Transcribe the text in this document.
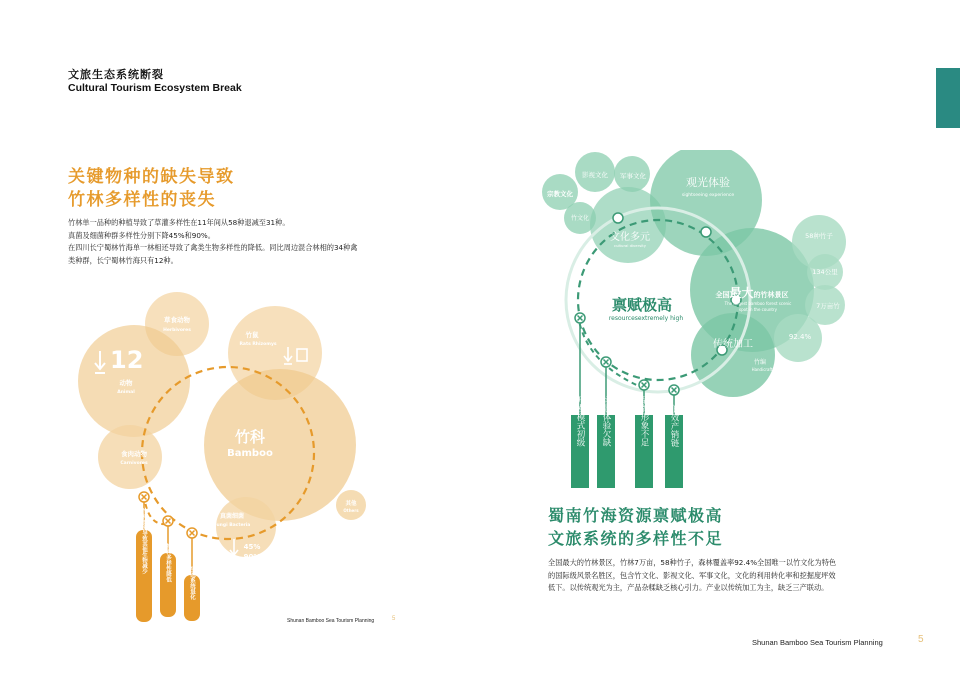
文旅生态系统断裂
Cultural Tourism Ecosystem Break
关键物种的缺失导致
竹林多样性的丧失
竹林单一品种的种植导致了草灌多样性在11年间从58种退减至31种。
真菌及细菌种群多样性分别下降45%和90%。
在四川长宁蜀林竹海单一林相还导致了禽类生物多样性的降低。同比周边混合林相的34种禽
类种群，长宁蜀林竹海只有12种。
竹林扩张导致其他生物减少	物种多样性降低
生态系统退化
草食动物
Herbivores
12
动物
Animal
竹鼠
Rats Rhizomys
竹科
Bamboo
食肉动物
Carnivores
真菌细菌
Fungi Bacteria
45%
90%
其他
Others
Shunan Bamboo Sea Tourism Planning	5
开发模式初级 场景体验欠缺	品牌形象不足 低效产销链
影视文化 军事文化
宗教文化
竹文化
文化多元
cultural diversity
观光体验
sightseeing experience
全国最大的竹林景区
The largest bamboo forest scenic
spot in the country
58种竹子
134公里
7万亩竹
92.4%
传统加工
竹编
Handicraft
禀赋极高
resourcesextremely high
蜀南竹海资源禀赋极高
文旅系统的多样性不足
全国最大的竹林景区，竹林7万亩，58种竹子，森林覆盖率92.4%全国唯一以竹文化为特色
的国际级风景名胜区，包含竹文化、影视文化、军事文化，文化的利用转化率和挖掘度坪效
低下。以传统观光为主，产品杂糅缺乏核心引力。产业以传统加工为主，缺乏三产联动。
Shunan Bamboo Sea Tourism Planning	5
